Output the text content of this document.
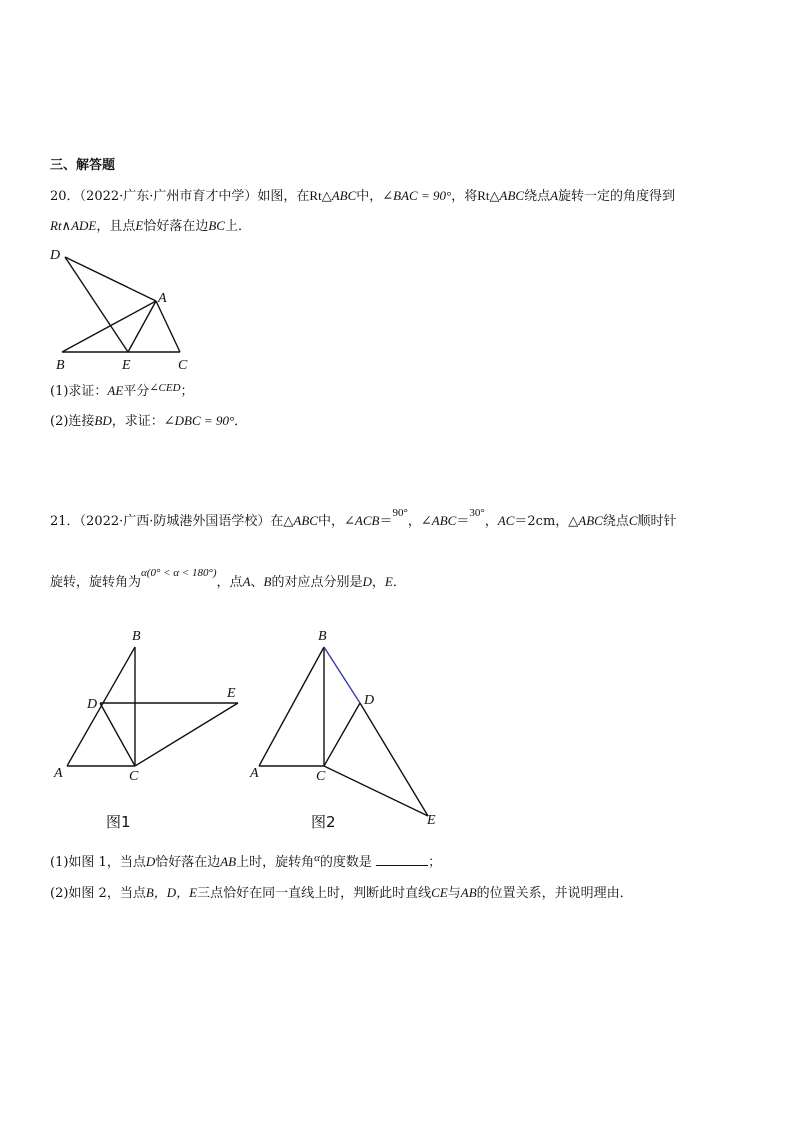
三、解答题
20．（2022·广东·广州市育才中学）如图，在Rt△ABC中，∠BAC = 90°，将Rt△ABC绕点A旋转一定的角度得到
Rt∧ADE，且点E恰好落在边BC上．
D
A
B	E	C
(1)求证：AE平分$^{\angle CED}$；
(2)连接BD，求证：∠DBC = 90°．
21．（2022·广西·防城港外国语学校）在△ABC中，∠ACB＝$^{90^\circ}$，∠ABC＝$^{30^\circ}$，AC＝2cm，△ABC绕点C顺时针
旋转，旋转角为$^{\alpha(0^\circ < \alpha < 180^\circ)}$，点A、B的对应点分别是D，E．
B
D
E
A	C
B
D
A	C
E
图1	图2
(1)如图 1，当点D恰好落在边AB上时，旋转角$^\alpha$的度数是	；
(2)如图 2，当点B，D，E三点恰好在同一直线上时，判断此时直线CE与AB的位置关系，并说明理由．
